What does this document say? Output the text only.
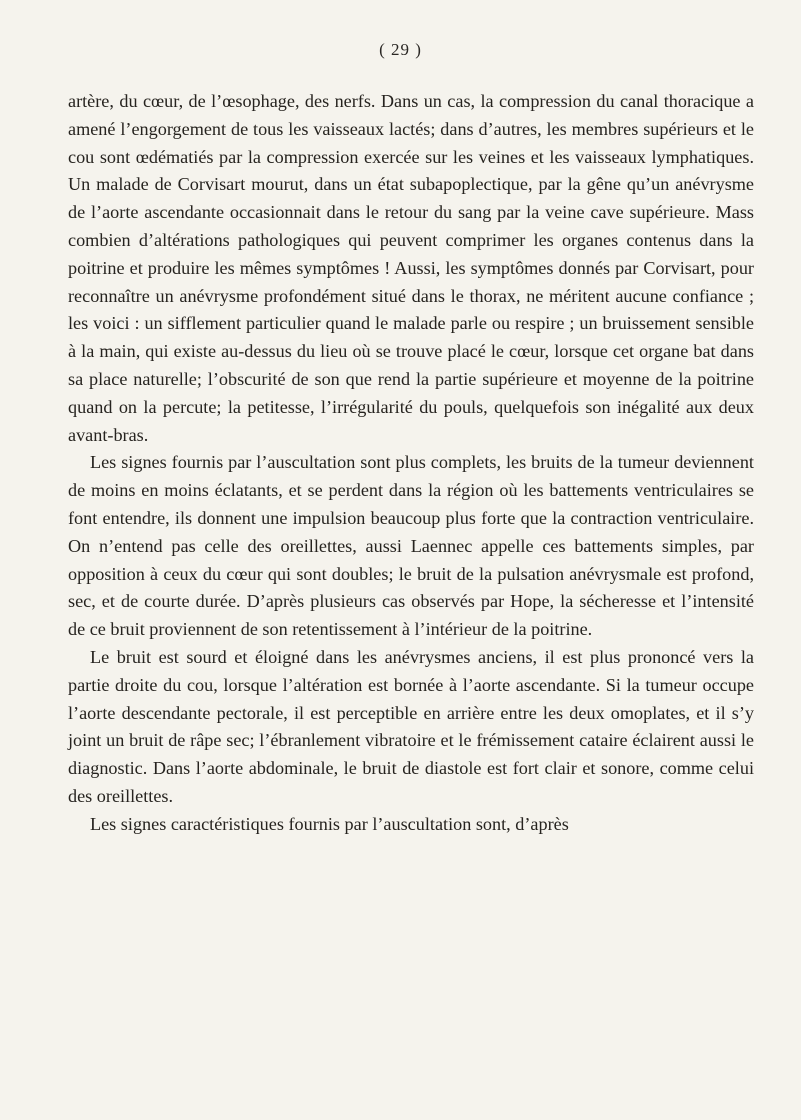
( 29 )

artère, du cœur, de l’œsophage, des nerfs. Dans un cas, la compression du canal thoracique a amené l’engorgement de tous les vaisseaux lactés; dans d’autres, les membres supérieurs et le cou sont œdématiés par la compression exercée sur les veines et les vaisseaux lymphatiques. Un malade de Corvisart mourut, dans un état subapoplectique, par la gêne qu’un anévrysme de l’aorte ascendante occasionnait dans le retour du sang par la veine cave supérieure. Mass combien d’altérations pathologiques qui peuvent comprimer les organes contenus dans la poitrine et produire les mêmes symptômes ! Aussi, les symptômes donnés par Corvisart, pour reconnaître un anévrysme profondément situé dans le thorax, ne méritent aucune confiance ; les voici : un sifflement particulier quand le malade parle ou respire ; un bruissement sensible à la main, qui existe au-dessus du lieu où se trouve placé le cœur, lorsque cet organe bat dans sa place naturelle; l’obscurité de son que rend la partie supérieure et moyenne de la poitrine quand on la percute; la petitesse, l’irrégularité du pouls, quelquefois son inégalité aux deux avant-bras.

Les signes fournis par l’auscultation sont plus complets, les bruits de la tumeur deviennent de moins en moins éclatants, et se perdent dans la région où les battements ventriculaires se font entendre, ils donnent une impulsion beaucoup plus forte que la contraction ventriculaire. On n’entend pas celle des oreillettes, aussi Laennec appelle ces battements simples, par opposition à ceux du cœur qui sont doubles; le bruit de la pulsation anévrysmale est profond, sec, et de courte durée. D’après plusieurs cas observés par Hope, la sécheresse et l’intensité de ce bruit proviennent de son retentissement à l’intérieur de la poitrine.

Le bruit est sourd et éloigné dans les anévrysmes anciens, il est plus prononcé vers la partie droite du cou, lorsque l’altération est bornée à l’aorte ascendante. Si la tumeur occupe l’aorte descendante pectorale, il est perceptible en arrière entre les deux omoplates, et il s’y joint un bruit de râpe sec; l’ébranlement vibratoire et le frémissement cataire éclairent aussi le diagnostic. Dans l’aorte abdominale, le bruit de diastole est fort clair et sonore, comme celui des oreillettes.

Les signes caractéristiques fournis par l’auscultation sont, d’après
